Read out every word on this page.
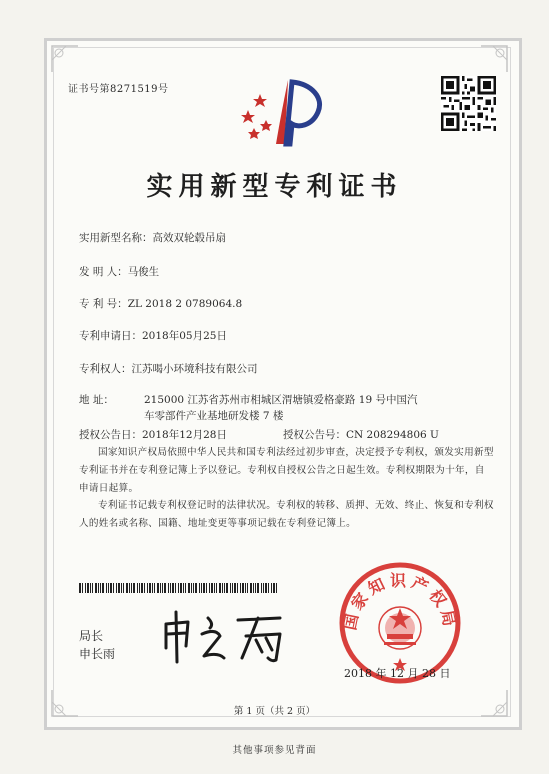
证书号第8271519号
实用新型专利证书
实用新型名称：高效双轮毂吊扇
发 明 人：马俊生
专 利 号：ZL 2018 2 0789064.8
专利申请日：2018年05月25日
专利权人：江苏喝小环境科技有限公司
地 址：	215000 江苏省苏州市相城区渭塘镇爱格豪路 19 号中国汽
车零部件产业基地研发楼 7 楼
授权公告日：2018年12月28日	授权公告号：CN 208294806 U
国家知识产权局依照中华人民共和国专利法经过初步审查，决定授予专利权，颁发实用新型专利证书并在专利登记簿上予以登记。专利权自授权公告之日起生效。专利权期限为十年，自申请日起算。
专利证书记载专利权登记时的法律状况。专利权的转移、质押、无效、终止、恢复和专利权人的姓名或名称、国籍、地址变更等事项记载在专利登记簿上。
局长
申长雨
国家知识产权局
2018 年 12 月 28 日
第 1 页（共 2 页）
其他事项参见背面
